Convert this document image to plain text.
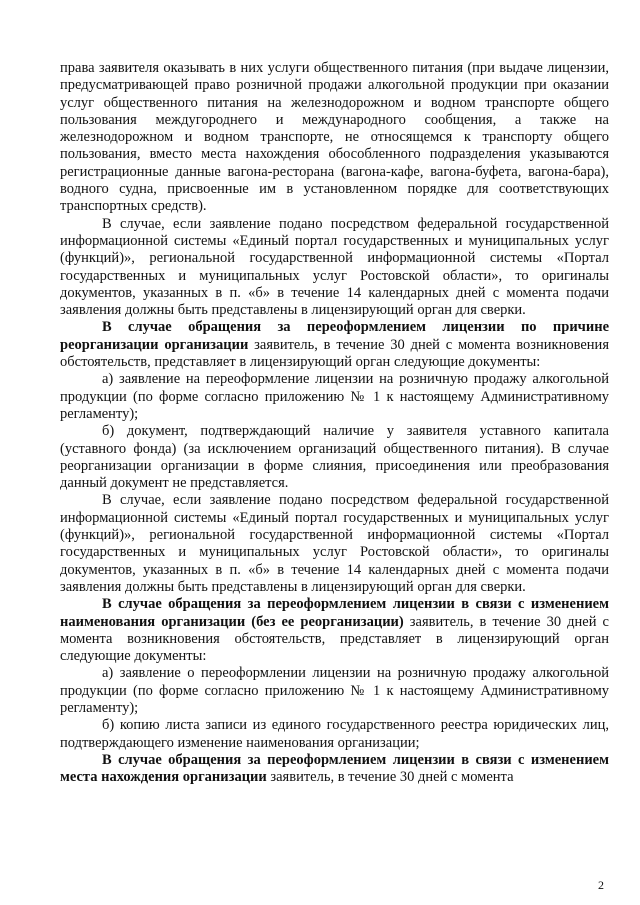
права заявителя оказывать в них услуги общественного питания (при выдаче лицензии, предусматривающей право розничной продажи алкогольной продукции при оказании услуг общественного питания на железнодорожном и водном транспорте общего пользования междугороднего и международного сообщения, а также на железнодорожном и водном транспорте, не относящемся к транспорту общего пользования, вместо места нахождения обособленного подразделения указываются регистрационные данные вагона-ресторана (вагона-кафе, вагона-буфета, вагона-бара), водного судна, присвоенные им в установленном порядке для соответствующих транспортных средств).

В случае, если заявление подано посредством федеральной государственной информационной системы «Единый портал государственных и муниципальных услуг (функций)», региональной государственной информационной системы «Портал государственных и муниципальных услуг Ростовской области», то оригиналы документов, указанных в п. «б» в течение 14 календарных дней с момента подачи заявления должны быть представлены в лицензирующий орган для сверки.

В случае обращения за переоформлением лицензии по причине реорганизации организации заявитель, в течение 30 дней с момента возникновения обстоятельств, представляет в лицензирующий орган следующие документы:

а) заявление на переоформление лицензии на розничную продажу алкогольной продукции (по форме согласно приложению № 1 к настоящему Административному регламенту);

б) документ, подтверждающий наличие у заявителя уставного капитала (уставного фонда) (за исключением организаций общественного питания). В случае реорганизации организации в форме слияния, присоединения или преобразования данный документ не представляется.

В случае, если заявление подано посредством федеральной государственной информационной системы «Единый портал государственных и муниципальных услуг (функций)», региональной государственной информационной системы «Портал государственных и муниципальных услуг Ростовской области», то оригиналы документов, указанных в п. «б» в течение 14 календарных дней с момента подачи заявления должны быть представлены в лицензирующий орган для сверки.

В случае обращения за переоформлением лицензии в связи с изменением наименования организации (без ее реорганизации) заявитель, в течение 30 дней с момента возникновения обстоятельств, представляет в лицензирующий орган следующие документы:

а) заявление о переоформлении лицензии на розничную продажу алкогольной продукции (по форме согласно приложению № 1 к настоящему Административному регламенту);

б) копию листа записи из единого государственного реестра юридических лиц, подтверждающего изменение наименования организации;

В случае обращения за переоформлением лицензии в связи с изменением места нахождения организации заявитель, в течение 30 дней с момента

2
